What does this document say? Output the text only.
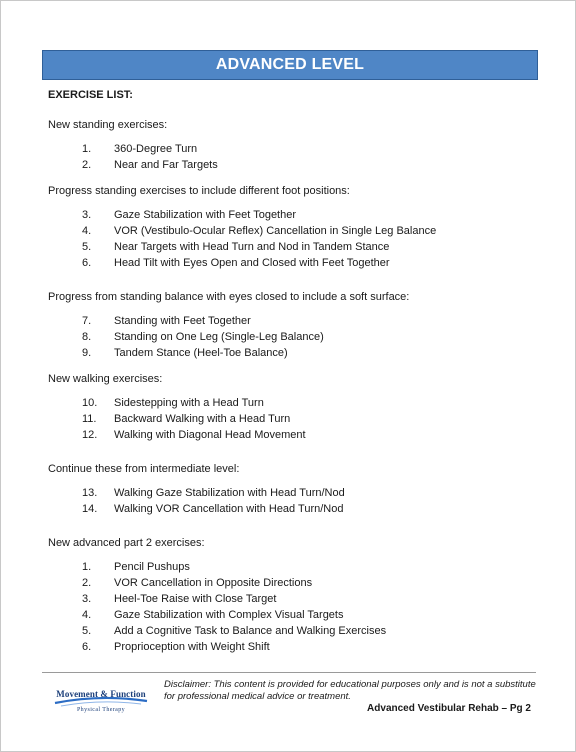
ADVANCED LEVEL
EXERCISE LIST:
New standing exercises:
1.	360-Degree Turn
2.	Near and Far Targets
Progress standing exercises to include different foot positions:
3.	Gaze Stabilization with Feet Together
4.	VOR (Vestibulo-Ocular Reflex) Cancellation in Single Leg Balance
5.	Near Targets with Head Turn and Nod in Tandem Stance
6.	Head Tilt with Eyes Open and Closed with Feet Together
Progress from standing balance with eyes closed to include a soft surface:
7.	Standing with Feet Together
8.	Standing on One Leg (Single-Leg Balance)
9.	Tandem Stance (Heel-Toe Balance)
New walking exercises:
10.	Sidestepping with a Head Turn
11.	Backward Walking with a Head Turn
12.	Walking with Diagonal Head Movement
Continue these from intermediate level:
13.	Walking Gaze Stabilization with Head Turn/Nod
14.	Walking VOR Cancellation with Head Turn/Nod
New advanced part 2 exercises:
1.	Pencil Pushups
2.	VOR Cancellation in Opposite Directions
3.	Heel-Toe Raise with Close Target
4.	Gaze Stabilization with Complex Visual Targets
5.	Add a Cognitive Task to Balance and Walking Exercises
6.	Proprioception with Weight Shift
Movement & Function
Physical Therapy
Disclaimer: This content is provided for educational purposes only and is not a substitute for professional medical advice or treatment.
Advanced Vestibular Rehab – Pg 2
